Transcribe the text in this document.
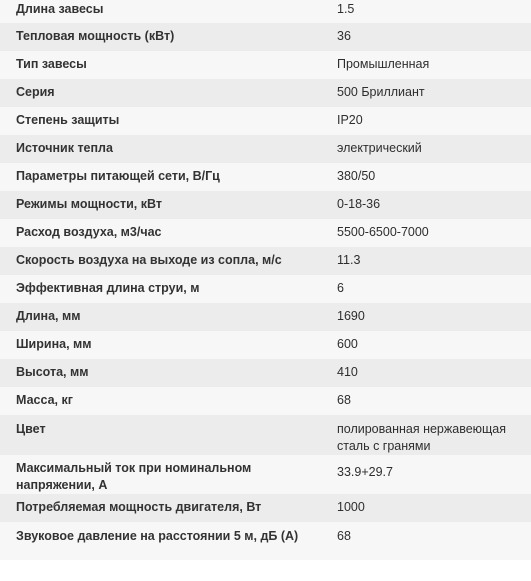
Длина завесы	1.5

Тепловая мощность (кВт)	36

Тип завесы	Промышленная

Серия	500 Бриллиант

Степень защиты	IP20

Источник тепла	электрический

Параметры питающей сети, В/Гц	380/50

Режимы мощности, кВт	0-18-36

Расход воздуха, м3/час	5500-6500-7000

Скорость воздуха на выходе из сопла, м/с	11.3

Эффективная длина струи, м	6

Длина, мм	1690

Ширина, мм	600

Высота, мм	410

Масса, кг	68

Цвет	полированная нержавеющая сталь с гранями

Максимальный ток при номинальном напряжении, А	33.9+29.7

Потребляемая мощность двигателя, Вт	1000

Звуковое давление на расстоянии 5 м, дБ (А)	68
